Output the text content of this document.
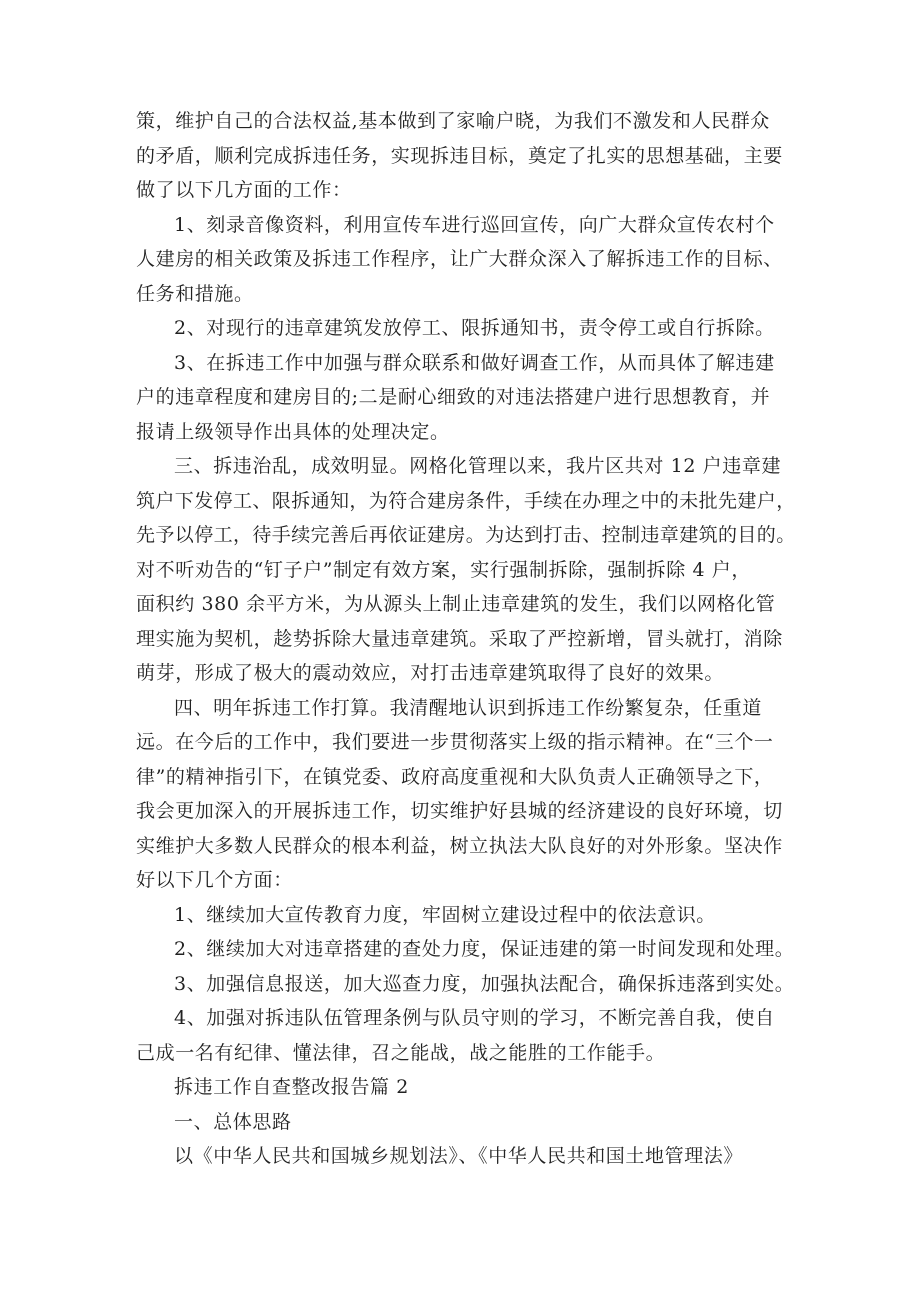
策，维护自己的合法权益,基本做到了家喻户晓，为我们不激发和人民群众
的矛盾，顺利完成拆违任务，实现拆违目标，奠定了扎实的思想基础，主要
做了以下几方面的工作：
1、刻录音像资料，利用宣传车进行巡回宣传，向广大群众宣传农村个
人建房的相关政策及拆违工作程序，让广大群众深入了解拆违工作的目标、
任务和措施。
2、对现行的违章建筑发放停工、限拆通知书，责令停工或自行拆除。
3、在拆违工作中加强与群众联系和做好调查工作，从而具体了解违建
户的违章程度和建房目的;二是耐心细致的对违法搭建户进行思想教育，并
报请上级领导作出具体的处理决定。
三、拆违治乱，成效明显。网格化管理以来，我片区共对 12 户违章建
筑户下发停工、限拆通知，为符合建房条件，手续在办理之中的未批先建户，
先予以停工，待手续完善后再依证建房。为达到打击、控制违章建筑的目的。
对不听劝告的“钉子户”制定有效方案，实行强制拆除，强制拆除 4 户，
面积约 380 余平方米，为从源头上制止违章建筑的发生，我们以网格化管
理实施为契机，趁势拆除大量违章建筑。采取了严控新增，冒头就打，消除
萌芽，形成了极大的震动效应，对打击违章建筑取得了良好的效果。
四、明年拆违工作打算。我清醒地认识到拆违工作纷繁复杂，任重道
远。在今后的工作中，我们要进一步贯彻落实上级的指示精神。在“三个一
律”的精神指引下，在镇党委、政府高度重视和大队负责人正确领导之下，
我会更加深入的开展拆违工作，切实维护好县城的经济建设的良好环境，切
实维护大多数人民群众的根本利益，树立执法大队良好的对外形象。坚决作
好以下几个方面：
1、继续加大宣传教育力度，牢固树立建设过程中的依法意识。
2、继续加大对违章搭建的查处力度，保证违建的第一时间发现和处理。
3、加强信息报送，加大巡查力度，加强执法配合，确保拆违落到实处。
4、加强对拆违队伍管理条例与队员守则的学习，不断完善自我，使自
己成一名有纪律、懂法律，召之能战，战之能胜的工作能手。
拆违工作自查整改报告篇 2
一、总体思路
以《中华人民共和国城乡规划法》、《中华人民共和国土地管理法》
